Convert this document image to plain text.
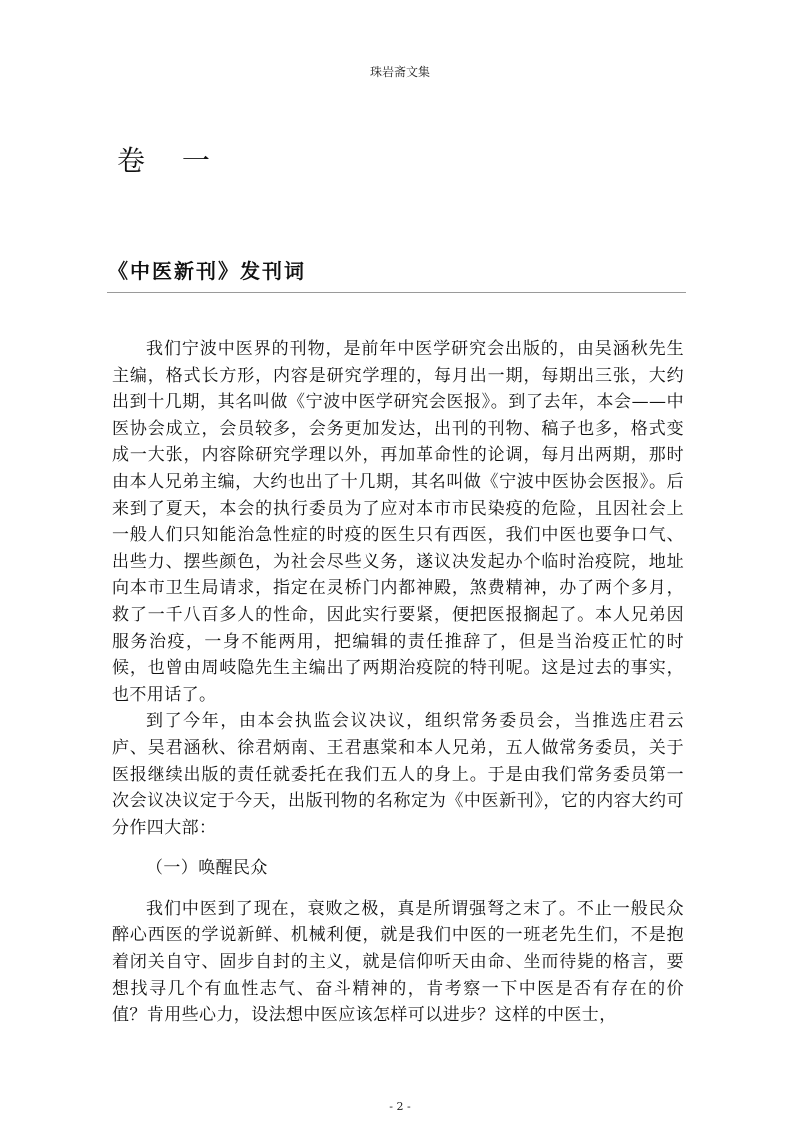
珠岩斋文集
卷 一
《中医新刊》发刊词

我们宁波中医界的刊物，是前年中医学研究会出版的，由吴涵秋先生主编，格式长方形，内容是研究学理的，每月出一期，每期出三张，大约出到十几期，其名叫做《宁波中医学研究会医报》。到了去年，本会——中医协会成立，会员较多，会务更加发达，出刊的刊物、稿子也多，格式变成一大张，内容除研究学理以外，再加革命性的论调，每月出两期，那时由本人兄弟主编，大约也出了十几期，其名叫做《宁波中医协会医报》。后来到了夏天，本会的执行委员为了应对本市市民染疫的危险，且因社会上一般人们只知能治急性症的时疫的医生只有西医，我们中医也要争口气、出些力、摆些颜色，为社会尽些义务，遂议决发起办个临时治疫院，地址向本市卫生局请求，指定在灵桥门内都神殿，煞费精神，办了两个多月，救了一千八百多人的性命，因此实行要紧，便把医报搁起了。本人兄弟因服务治疫，一身不能两用，把编辑的责任推辞了，但是当治疫正忙的时候，也曾由周岐隐先生主编出了两期治疫院的特刊呢。这是过去的事实，也不用话了。

到了今年，由本会执监会议决议，组织常务委员会，当推选庄君云庐、吴君涵秋、徐君炳南、王君惠棠和本人兄弟，五人做常务委员，关于医报继续出版的责任就委托在我们五人的身上。于是由我们常务委员第一次会议决议定于今天，出版刊物的名称定为《中医新刊》，它的内容大约可分作四大部：

（一）唤醒民众

我们中医到了现在，衰败之极，真是所谓强弩之末了。不止一般民众醉心西医的学说新鲜、机械利便，就是我们中医的一班老先生们，不是抱着闭关自守、固步自封的主义，就是信仰听天由命、坐而待毙的格言，要想找寻几个有血性志气、奋斗精神的，肯考察一下中医是否有存在的价值？肯用些心力，设法想中医应该怎样可以进步？这样的中医士，

- 2 -
